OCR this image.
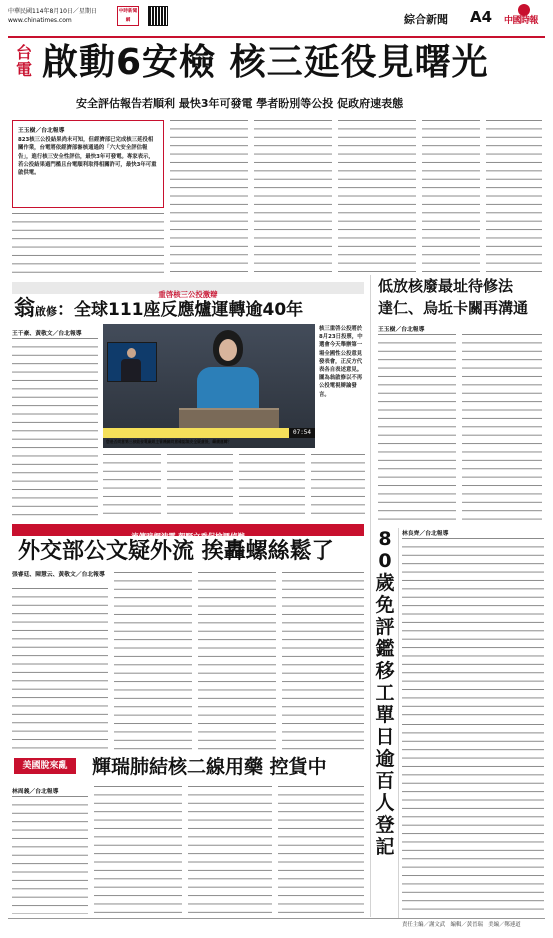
中華民國114年8月10日／星期日
www.chinatimes.com
中時新聞網	綜合新聞 A4 中國時報
台電 啟動6安檢 核三延役見曙光
安全評估報告若順利 最快3年可發電 學者盼別等公投 促政府速表態
王玉樹／台北報導
823核三公投結果尚未可知，但經濟部已完成核三延役相關作業，台電將依經濟部審核通過的「六大安全評估報告」，進行核三安全性評估，最快3年可發電。專家表示，若公投結果過門檻且台電順利取得相關許可，最快3年可重啟供電。
重啓核三公投激辯
翁啟修：全球111座反應爐運轉逾40年
王千豪、黃敬文／台北報導
您是否同意第三核能發電廠經主管機關同意確認無安全疑慮後，繼續運轉？
07:54
核三重啓公投將於8月23日投票，中選會今天舉辦第一場全國性公投意見發表會，正反方代表各自表述意見。圖為翁啟修以不再公投電視辯論發言。
低放核廢最址待修法
達仁、烏坵卡關再溝通
王玉樹／台北報導
流傳暗網洩露 朝野立委促檢調偵辦
外交部公文疑外流 挨轟螺絲鬆了
張睿廷、陳慧云、黃敬文／台北報導
美國脫來亂	輝瑞肺結核二線用藥 控貨中
林周義／台北報導
80歲免評鑑移工 單日逾百人登記
林良齊／台北報導
責任主編／謝文武　編輯／黃晉瑞　美編／鄭連道
